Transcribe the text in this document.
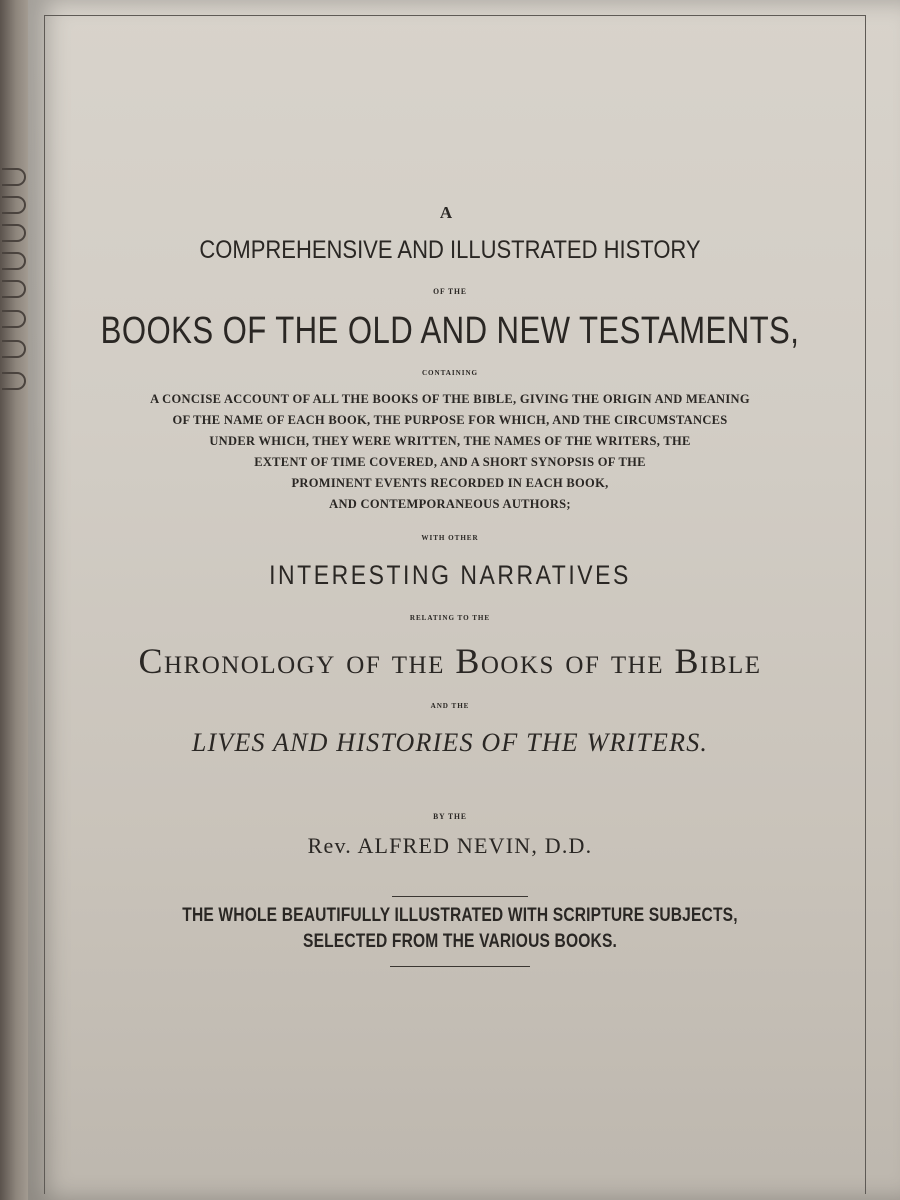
A
COMPREHENSIVE AND ILLUSTRATED HISTORY
OF THE
BOOKS OF THE OLD AND NEW TESTAMENTS,
CONTAINING
A CONCISE ACCOUNT OF ALL THE BOOKS OF THE BIBLE, GIVING THE ORIGIN AND MEANING
OF THE NAME OF EACH BOOK, THE PURPOSE FOR WHICH, AND THE CIRCUMSTANCES
UNDER WHICH, THEY WERE WRITTEN, THE NAMES OF THE WRITERS, THE
EXTENT OF TIME COVERED, AND A SHORT SYNOPSIS OF THE
PROMINENT EVENTS RECORDED IN EACH BOOK,
AND CONTEMPORANEOUS AUTHORS;
WITH OTHER
INTERESTING NARRATIVES
RELATING TO THE
Chronology of the Books of the Bible
AND THE
LIVES AND HISTORIES OF THE WRITERS.
BY THE
Rev. ALFRED NEVIN, D.D.
THE WHOLE BEAUTIFULLY ILLUSTRATED WITH SCRIPTURE SUBJECTS,
SELECTED FROM THE VARIOUS BOOKS.
